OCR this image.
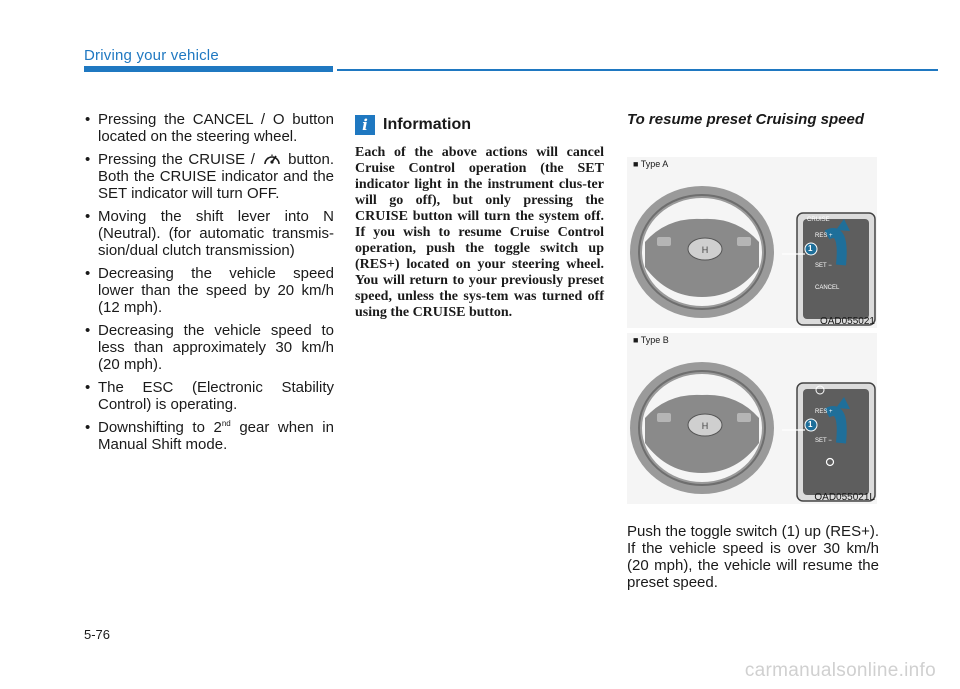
Driving your vehicle
• Pressing the CANCEL / O button located on the steering wheel.
• Pressing the CRUISE / button. Both the CRUISE indicator and the SET indicator will turn OFF.
• Moving the shift lever into N (Neutral). (for automatic transmis-sion/dual clutch transmission)
• Decreasing the vehicle speed lower than the speed by 20 km/h (12 mph).
• Decreasing the vehicle speed to less than approximately 30 km/h (20 mph).
• The ESC (Electronic Stability Control) is operating.
• Downshifting to 2nd gear when in Manual Shift mode.
i Information
Each of the above actions will cancel Cruise Control operation (the SET indicator light in the instrument clus-ter will go off), but only pressing the CRUISE button will turn the system off. If you wish to resume Cruise Control operation, push the toggle switch up (RES+) located on your steering wheel. You will return to your previously preset speed, unless the sys-tem was turned off using the CRUISE button.
To resume preset Cruising speed
H
■ Type A
CRUISE
RES +
1
SET −
CANCEL
OAD055021
H
■ Type B
RES +
1
SET −
OAD055021L
Push the toggle switch (1) up (RES+). If the vehicle speed is over 30 km/h (20 mph), the vehicle will resume the preset speed.
5-76
carmanualsonline.info
